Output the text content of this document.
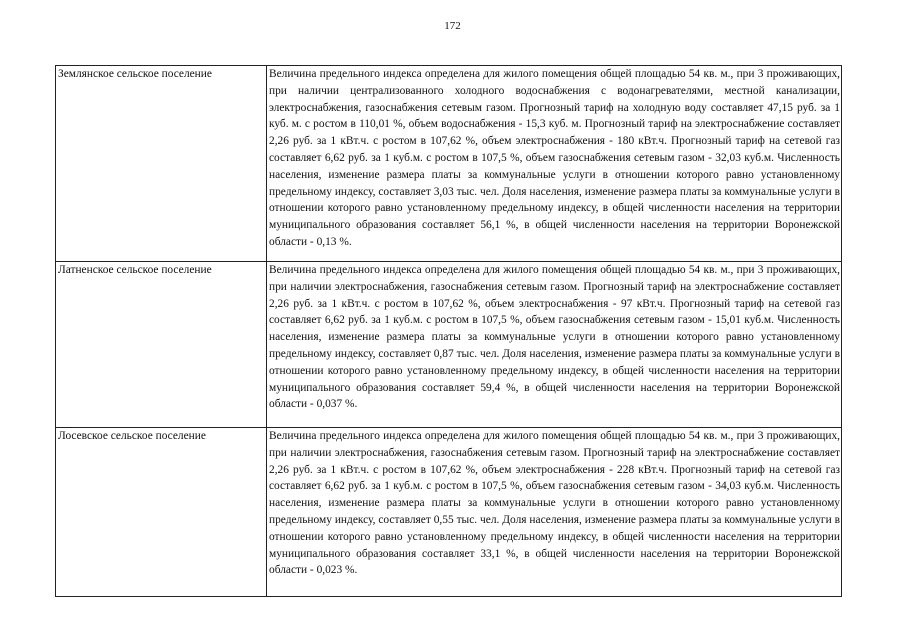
172
Землянское сельское поселение	Величина предельного индекса определена для жилого помещения общей площадью 54 кв. м., при 3 проживающих, при наличии централизованного холодного водоснабжения с водонагревателями, местной канализации, электроснабжения, газоснабжения сетевым газом. Прогнозный тариф на холодную воду составляет 47,15 руб. за 1 куб. м. с ростом в 110,01 %, объем водоснабжения - 15,3 куб. м. Прогнозный тариф на электроснабжение составляет 2,26 руб. за 1 кВт.ч. с ростом в 107,62 %, объем электроснабжения - 180 кВт.ч. Прогнозный тариф на сетевой газ составляет 6,62 руб. за 1 куб.м. с ростом в 107,5 %, объем газоснабжения сетевым газом - 32,03 куб.м. Численность населения, изменение размера платы за коммунальные услуги в отношении которого равно установленному предельному индексу, составляет 3,03 тыс. чел. Доля населения, изменение размера платы за коммунальные услуги в отношении которого равно установленному предельному индексу, в общей численности населения на территории муниципального образования составляет 56,1 %, в общей численности населения на территории Воронежской области - 0,13 %.
Латненское сельское поселение	Величина предельного индекса определена для жилого помещения общей площадью 54 кв. м., при 3 проживающих, при наличии электроснабжения, газоснабжения сетевым газом. Прогнозный тариф на электроснабжение составляет 2,26 руб. за 1 кВт.ч. с ростом в 107,62 %, объем электроснабжения - 97 кВт.ч. Прогнозный тариф на сетевой газ составляет 6,62 руб. за 1 куб.м. с ростом в 107,5 %, объем газоснабжения сетевым газом - 15,01 куб.м. Численность населения, изменение размера платы за коммунальные услуги в отношении которого равно установленному предельному индексу, составляет 0,87 тыс. чел. Доля населения, изменение размера платы за коммунальные услуги в отношении которого равно установленному предельному индексу, в общей численности населения на территории муниципального образования составляет 59,4 %, в общей численности населения на территории Воронежской области - 0,037 %.
Лосевское сельское поселение	Величина предельного индекса определена для жилого помещения общей площадью 54 кв. м., при 3 проживающих, при наличии электроснабжения, газоснабжения сетевым газом. Прогнозный тариф на электроснабжение составляет 2,26 руб. за 1 кВт.ч. с ростом в 107,62 %, объем электроснабжения - 228 кВт.ч. Прогнозный тариф на сетевой газ составляет 6,62 руб. за 1 куб.м. с ростом в 107,5 %, объем газоснабжения сетевым газом - 34,03 куб.м. Численность населения, изменение размера платы за коммунальные услуги в отношении которого равно установленному предельному индексу, составляет 0,55 тыс. чел. Доля населения, изменение размера платы за коммунальные услуги в отношении которого равно установленному предельному индексу, в общей численности населения на территории муниципального образования составляет 33,1 %, в общей численности населения на территории Воронежской области - 0,023 %.
